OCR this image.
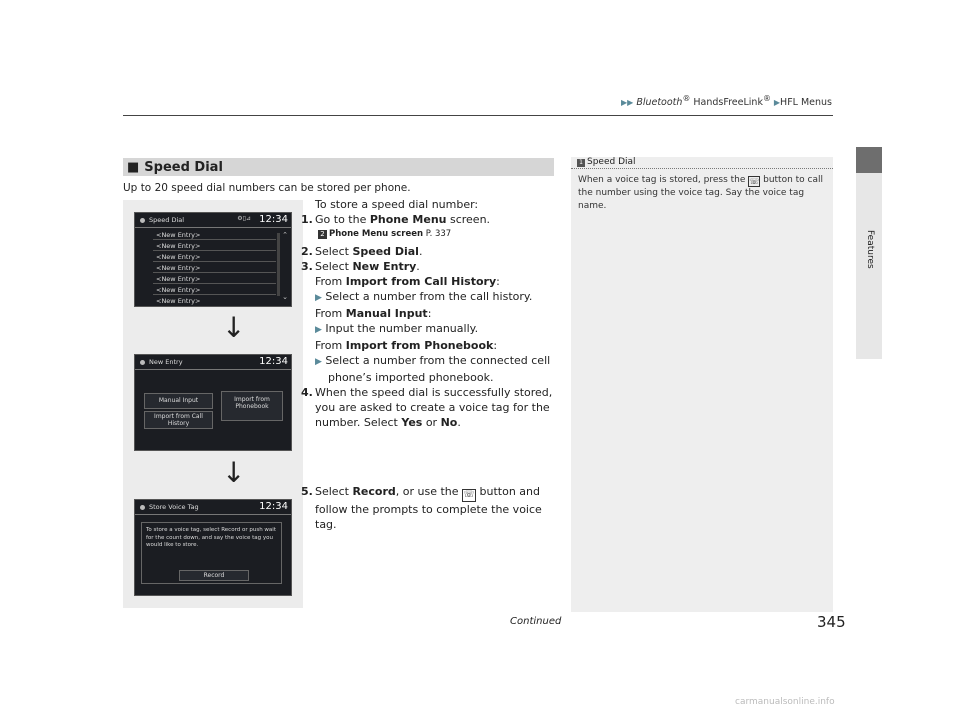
▶▶ Bluetooth® HandsFreeLink® ▶HFL Menus
Features
■ Speed Dial
Up to 20 speed dial numbers can be stored per phone.
Speed Dial	⚙▯⊿ 12:34
<New Entry>
<New Entry>
<New Entry>
<New Entry>
<New Entry>
<New Entry>
<New Entry>
⌃
⌄
↓
New Entry	12:34
Manual Input	Import from Phonebook
Import from Call History
↓
Store Voice Tag	12:34
To store a voice tag, select Record or push wait for the count down, and say the voice tag you would like to store.
Record
To store a speed dial number:
1. Go to the Phone Menu screen.
2 Phone Menu screen P. 337
2. Select Speed Dial.
3. Select New Entry.
From Import from Call History:
▶ Select a number from the call history.
From Manual Input:
▶ Input the number manually.
From Import from Phonebook:
▶ Select a number from the connected cell
phone’s imported phonebook.
4. When the speed dial is successfully stored,
you are asked to create a voice tag for the
number. Select Yes or No.
5. Select Record, or use the ☏ button and
follow the prompts to complete the voice
tag.
1 Speed Dial
When a voice tag is stored, press the ☏ button to call the number using the voice tag. Say the voice tag name.
Continued	345
carmanualsonline.info
